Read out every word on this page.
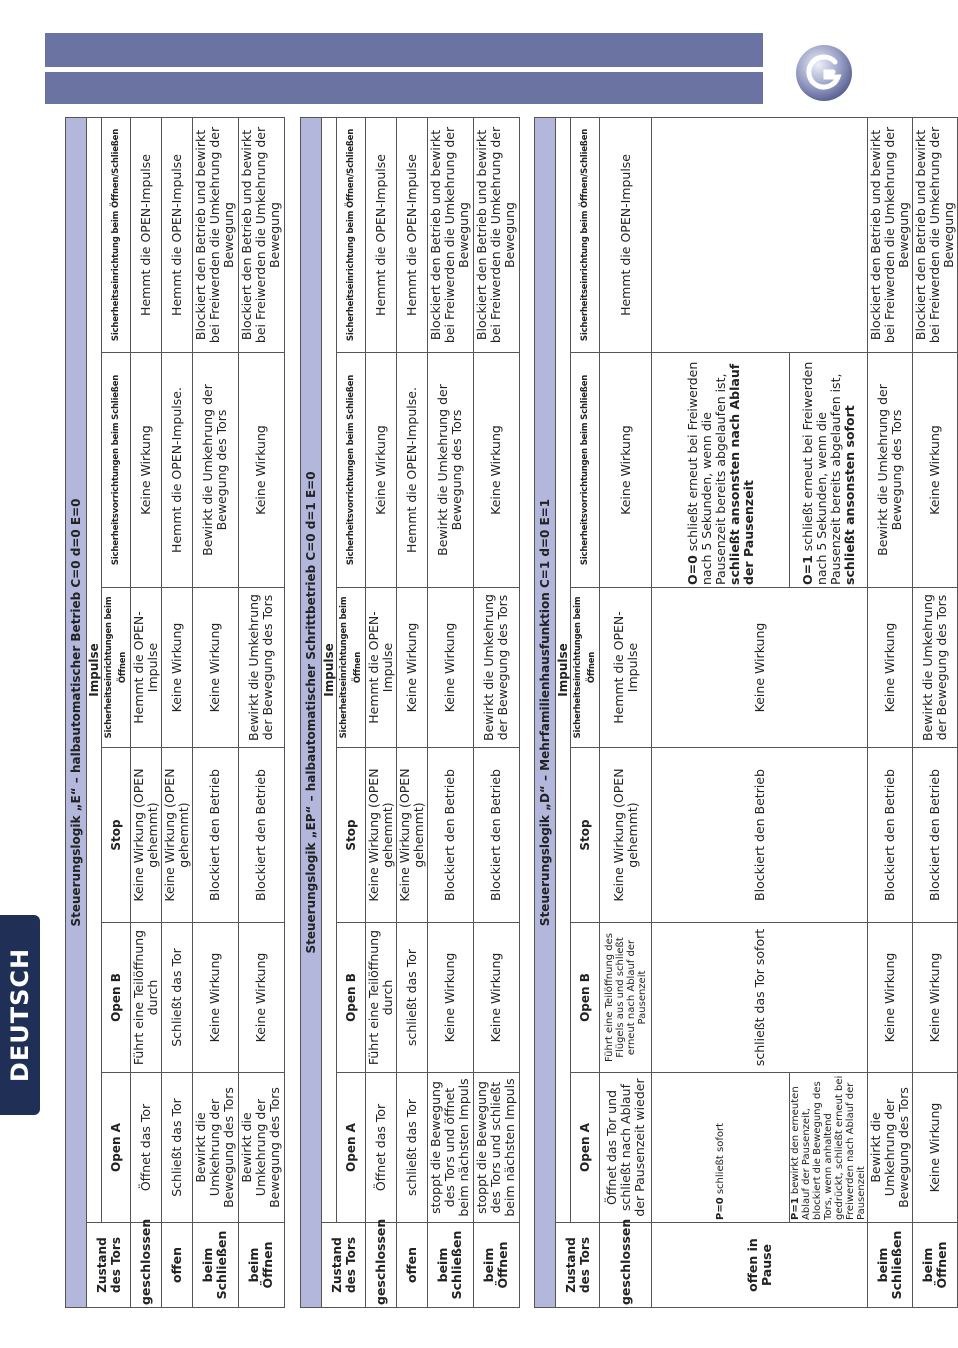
DEUTSCH
Steuerungslogik „E“ – halbautomatischer Betrieb C=0 d=0 E=0						
Zustand des Tors	Impulse					
	Open A	Open B	Stop	Sicherheitseinrichtungen beim Öffnen	Sicherheitsvorrichtungen beim Schließen	Sicherheitseinrichtung beim Öffnen/Schließen
geschlossen	Öffnet das Tor	Führt eine Teilöffnung durch	Keine Wirkung (OPEN gehemmt)	Hemmt die OPEN-Impulse	Keine Wirkung	Hemmt die OPEN-Impulse
offen	Schließt das Tor	Schließt das Tor	Keine Wirkung (OPEN gehemmt)	Keine Wirkung	Hemmt die OPEN-Impulse.	Hemmt die OPEN-Impulse
beim Schließen	Bewirkt die Umkehrung der Bewegung des Tors	Keine Wirkung	Blockiert den Betrieb	Keine Wirkung	Bewirkt die Umkehrung der Bewegung des Tors	Blockiert den Betrieb und bewirkt bei Freiwerden die Umkehrung der Bewegung
beim Öffnen	Bewirkt die Umkehrung der Bewegung des Tors	Keine Wirkung	Blockiert den Betrieb	Bewirkt die Umkehrung der Bewegung des Tors	Keine Wirkung	Blockiert den Betrieb und bewirkt bei Freiwerden die Umkehrung der Bewegung
Steuerungslogik „EP“ – halbautomatischer Schrittbetrieb C=0 d=1 E=0						
Zustand des Tors	Impulse					
	Open A	Open B	Stop	Sicherheitseinrichtungen beim Öffnen	Sicherheitsvorrichtungen beim Schließen	Sicherheitseinrichtung beim Öffnen/Schließen
geschlossen	Öffnet das Tor	Führt eine Teilöffnung durch	Keine Wirkung (OPEN gehemmt)	Hemmt die OPEN-Impulse	Keine Wirkung	Hemmt die OPEN-Impulse
offen	schließt das Tor	schließt das Tor	Keine Wirkung (OPEN gehemmt)	Keine Wirkung	Hemmt die OPEN-Impulse.	Hemmt die OPEN-Impulse
beim Schließen	stoppt die Bewegung des Tors und öffnet beim nächsten Impuls	Keine Wirkung	Blockiert den Betrieb	Keine Wirkung	Bewirkt die Umkehrung der Bewegung des Tors	Blockiert den Betrieb und bewirkt bei Freiwerden die Umkehrung der Bewegung
beim Öffnen	stoppt die Bewegung des Tors und schließt beim nächsten Impuls	Keine Wirkung	Blockiert den Betrieb	Bewirkt die Umkehrung der Bewegung des Tors	Keine Wirkung	Blockiert den Betrieb und bewirkt bei Freiwerden die Umkehrung der Bewegung
Steuerungslogik „D“ – Mehrfamilienhausfunktion C=1 d=0 E=1						
Zustand des Tors	Impulse					
	Open A	Open B	Stop	Sicherheitseinrichtungen beim Öffnen	Sicherheitsvorrichtungen beim Schließen	Sicherheitseinrichtung beim Öffnen/Schließen
geschlossen	Öffnet das Tor und schließt nach Ablauf der Pausenzeit wieder	Führt eine Teilöffnung des Flügels aus und schließt erneut nach Ablauf der Pausenzeit	Keine Wirkung (OPEN gehemmt)	Hemmt die OPEN-Impulse	Keine Wirkung	Hemmt die OPEN-Impulse
offen in Pause	P=0 schließt sofort	schließt das Tor sofort	Blockiert den Betrieb	Keine Wirkung	O=0 schließt erneut bei Freiwerden nach 5 Sekunden, wenn die Pausenzeit bereits abgelaufen ist, schließt ansonsten nach Ablauf der Pausenzeit	
	P=1 bewirkt den erneuten Ablauf der Pausenzeit, blockiert die Bewegung des Tors, wenn anhaltend gedrückt, schließt erneut bei Freiwerden nach Ablauf der Pausenzeit				O=1 schließt erneut bei Freiwerden nach 5 Sekunden, wenn die Pausenzeit bereits abgelaufen ist, schließt ansonsten sofort	
beim Schließen	Bewirkt die Umkehrung der Bewegung des Tors	Keine Wirkung	Blockiert den Betrieb	Keine Wirkung	Bewirkt die Umkehrung der Bewegung des Tors	Blockiert den Betrieb und bewirkt bei Freiwerden die Umkehrung der Bewegung
beim Öffnen	Keine Wirkung	Keine Wirkung	Blockiert den Betrieb	Bewirkt die Umkehrung der Bewegung des Tors	Keine Wirkung	Blockiert den Betrieb und bewirkt bei Freiwerden die Umkehrung der Bewegung
